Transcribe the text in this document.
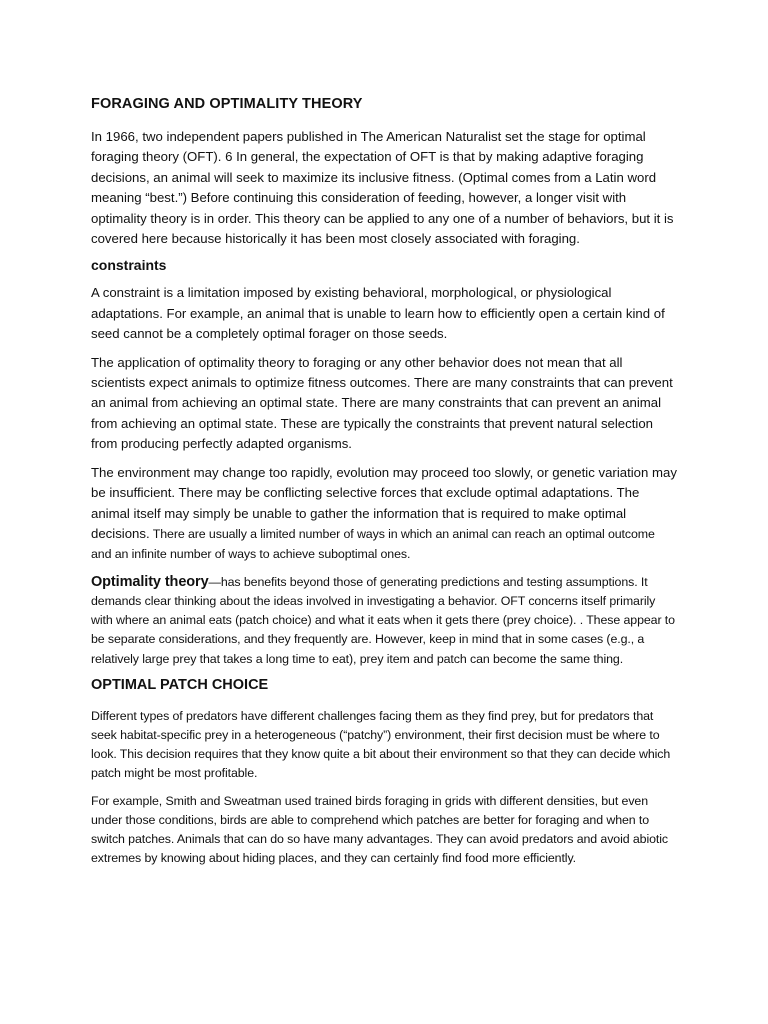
FORAGING AND OPTIMALITY THEORY
In 1966, two independent papers published in The American Naturalist set the stage for optimal foraging theory (OFT). 6 In general, the expectation of OFT is that by making adaptive foraging decisions, an animal will seek to maximize its inclusive fitness. (Optimal comes from a Latin word meaning “best.”) Before continuing this consideration of feeding, however, a longer visit with optimality theory is in order. This theory can be applied to any one of a number of behaviors, but it is covered here because historically it has been most closely associated with foraging.
constraints
A constraint is a limitation imposed by existing behavioral, morphological, or physiological adaptations. For example, an animal that is unable to learn how to efficiently open a certain kind of seed cannot be a completely optimal forager on those seeds.
The application of optimality theory to foraging or any other behavior does not mean that all scientists expect animals to optimize fitness outcomes. There are many constraints that can prevent an animal from achieving an optimal state. There are many constraints that can prevent an animal from achieving an optimal state. These are typically the constraints that prevent natural selection from producing perfectly adapted organisms.
The environment may change too rapidly, evolution may proceed too slowly, or genetic variation may be insufficient. There may be conflicting selective forces that exclude optimal adaptations. The animal itself may simply be unable to gather the information that is required to make optimal decisions. There are usually a limited number of ways in which an animal can reach an optimal outcome and an infinite number of ways to achieve suboptimal ones.
Optimality theory—has benefits beyond those of generating predictions and testing assumptions. It demands clear thinking about the ideas involved in investigating a behavior. OFT concerns itself primarily with where an animal eats (patch choice) and what it eats when it gets there (prey choice). . These appear to be separate considerations, and they frequently are. However, keep in mind that in some cases (e.g., a relatively large prey that takes a long time to eat), prey item and patch can become the same thing.
OPTIMAL PATCH CHOICE
Different types of predators have different challenges facing them as they find prey, but for predators that seek habitat-specific prey in a heterogeneous (“patchy”) environment, their first decision must be where to look. This decision requires that they know quite a bit about their environment so that they can decide which patch might be most profitable.
For example, Smith and Sweatman used trained birds foraging in grids with different densities, but even under those conditions, birds are able to comprehend which patches are better for foraging and when to switch patches. Animals that can do so have many advantages. They can avoid predators and avoid abiotic extremes by knowing about hiding places, and they can certainly find food more efficiently.
